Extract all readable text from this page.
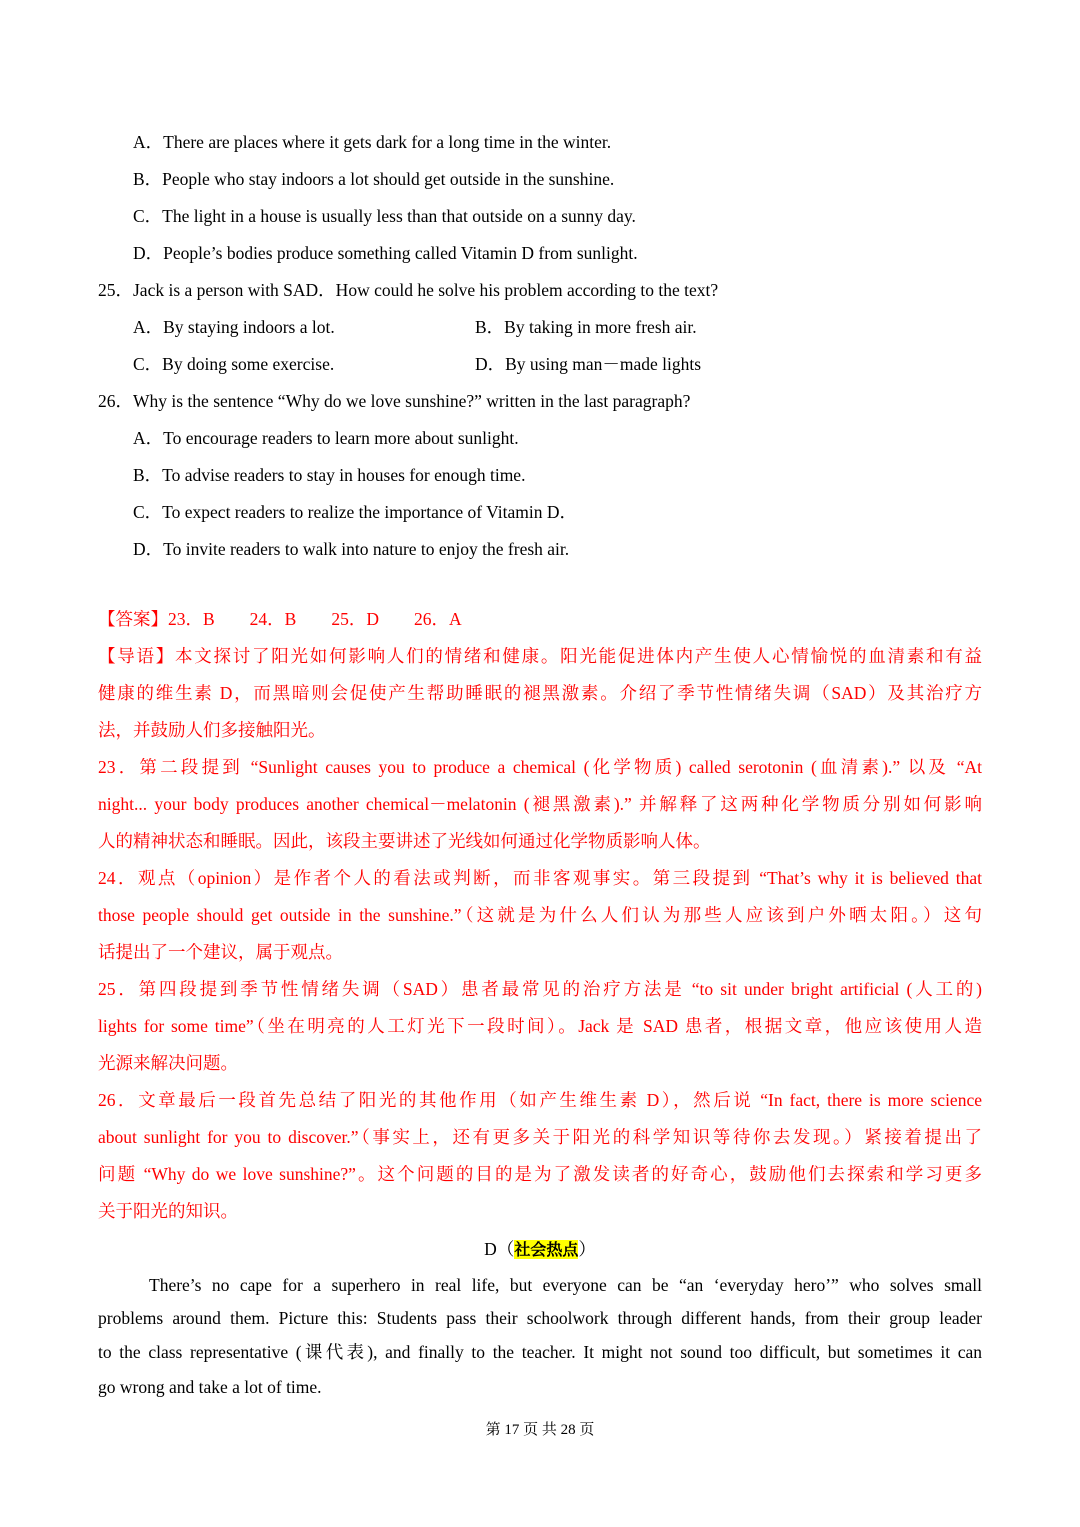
A．There are places where it gets dark for a long time in the winter.
B．People who stay indoors a lot should get outside in the sunshine.
C．The light in a house is usually less than that outside on a sunny day.
D．People’s bodies produce something called Vitamin D from sunlight.
25．Jack is a person with SAD．How could he solve his problem according to the text?
A．By staying indoors a lot.	B．By taking in more fresh air.
C．By doing some exercise.	D．By using man－made lights
26．Why is the sentence “Why do we love sunshine?” written in the last paragraph?
A．To encourage readers to learn more about sunlight.
B．To advise readers to stay in houses for enough time.
C．To expect readers to realize the importance of Vitamin D．
D．To invite readers to walk into nature to enjoy the fresh air.
【答案】23．B　　24．B　　25．D　　26．A
【导语】本文探讨了阳光如何影响人们的情绪和健康。阳光能促进体内产生使人心情愉悦的血清素和有益
健康的维生素 D，而黑暗则会促使产生帮助睡眠的褪黑激素。介绍了季节性情绪失调（SAD）及其治疗方
法，并鼓励人们多接触阳光。
23．第二段提到 “Sunlight causes you to produce a chemical (化学物质) called serotonin (血清素).” 以及 “At
night... your body produces another chemical－melatonin (褪黑激素).” 并解释了这两种化学物质分别如何影响
人的精神状态和睡眠。因此，该段主要讲述了光线如何通过化学物质影响人体。
24．观点（opinion）是作者个人的看法或判断，而非客观事实。第三段提到 “That’s why it is believed that
those people should get outside in the sunshine.”（这就是为什么人们认为那些人应该到户外晒太阳。）这句
话提出了一个建议，属于观点。
25．第四段提到季节性情绪失调（SAD）患者最常见的治疗方法是 “to sit under bright artificial (人工的)
lights for some time”（坐在明亮的人工灯光下一段时间）。Jack 是 SAD 患者，根据文章，他应该使用人造
光源来解决问题。
26．文章最后一段首先总结了阳光的其他作用（如产生维生素 D），然后说 “In fact, there is more science
about sunlight for you to discover.”（事实上，还有更多关于阳光的科学知识等待你去发现。）紧接着提出了
问题 “Why do we love sunshine?”。这个问题的目的是为了激发读者的好奇心，鼓励他们去探索和学习更多
关于阳光的知识。
D（社会热点）
There’s no cape for a superhero in real life, but everyone can be “an ‘everyday hero’” who solves small
problems around them. Picture this: Students pass their schoolwork through different hands, from their group leader
to the class representative (课代表), and finally to the teacher. It might not sound too difficult, but sometimes it can
go wrong and take a lot of time.
第 17 页 共 28 页
